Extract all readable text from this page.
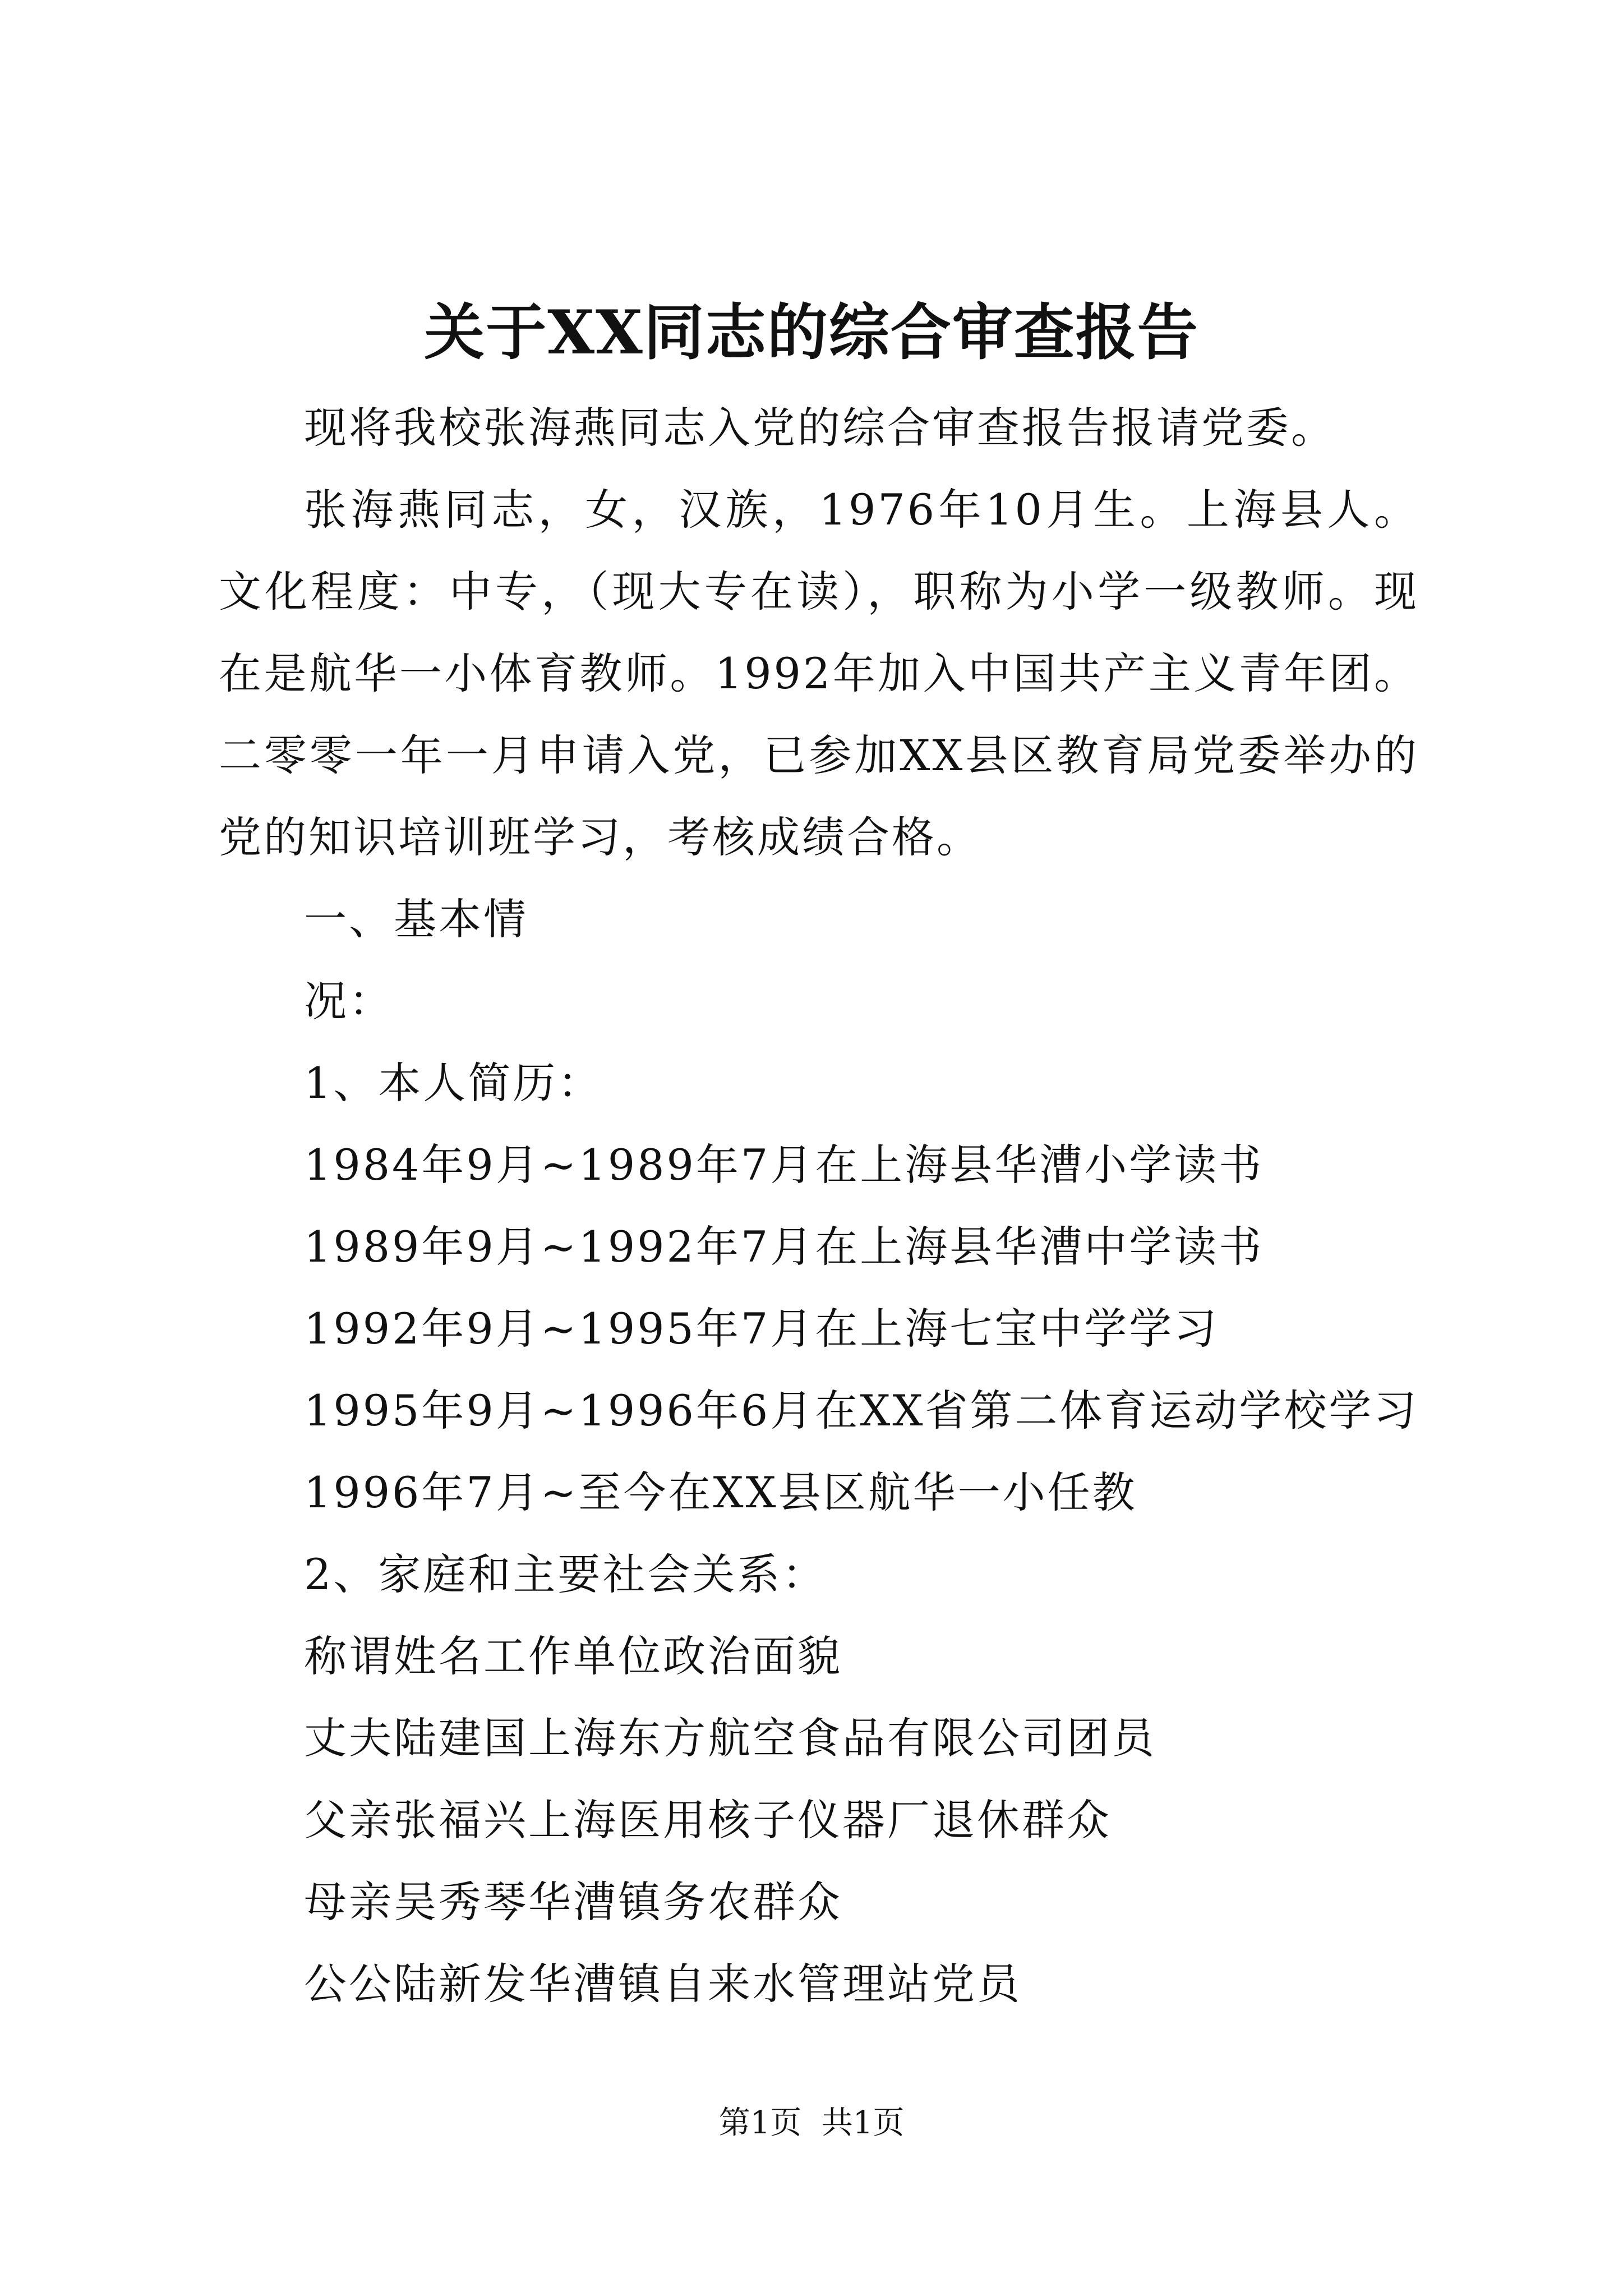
关于XX同志的综合审查报告

现将我校张海燕同志入党的综合审查报告报请党委。

张海燕同志，女，汉族，1976年10月生。上海县人。文化程度：中专，（现大专在读），职称为小学一级教师。现在是航华一小体育教师。1992年加入中国共产主义青年团。二零零一年一月申请入党，已参加XX县区教育局党委举办的党的知识培训班学习，考核成绩合格。

一、基本情

况：

1、本人简历：

1984年9月~1989年7月在上海县华漕小学读书

1989年9月~1992年7月在上海县华漕中学读书

1992年9月~1995年7月在上海七宝中学学习

1995年9月~1996年6月在XX省第二体育运动学校学习

1996年7月~至今在XX县区航华一小任教

2、家庭和主要社会关系：

称谓姓名工作单位政治面貌

丈夫陆建国上海东方航空食品有限公司团员

父亲张福兴上海医用核子仪器厂退休群众

母亲吴秀琴华漕镇务农群众

公公陆新发华漕镇自来水管理站党员

第1页  共1页
